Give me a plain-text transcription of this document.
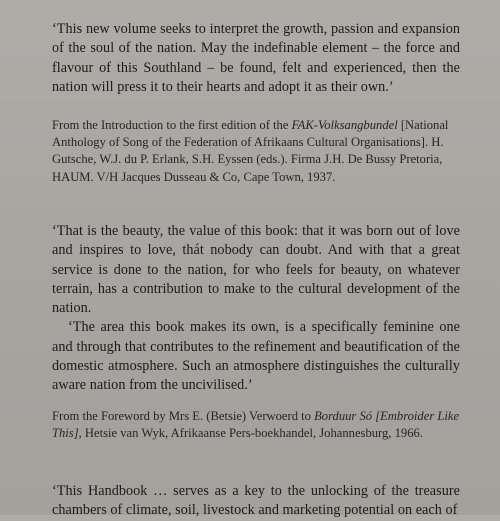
‘This new volume seeks to interpret the growth, passion and expansion of the soul of the nation. May the indefinable element – the force and flavour of this Southland – be found, felt and experienced, then the nation will press it to their hearts and adopt it as their own.’

From the Introduction to the first edition of the FAK-Volksangbundel [National Anthology of Song of the Federation of Afrikaans Cultural Organisations]. H. Gutsche, W.J. du P. Erlank, S.H. Eyssen (eds.). Firma J.H. De Bussy Pretoria, HAUM. V/H Jacques Dusseau & Co, Cape Town, 1937.

‘That is the beauty, the value of this book: that it was born out of love and inspires to love, thát nobody can doubt. And with that a great service is done to the nation, for who feels for beauty, on whatever terrain, has a contribution to make to the cultural development of the nation.

‘The area this book makes its own, is a specifically feminine one and through that contributes to the refinement and beautification of the domestic atmosphere. Such an atmosphere distinguishes the culturally aware nation from the uncivilised.’

From the Foreword by Mrs E. (Betsie) Verwoerd to Borduur Só [Embroider Like This], Hetsie van Wyk, Afrikaanse Pers-boekhandel, Johannesburg, 1966.

‘This Handbook … serves as a key to the unlocking of the treasure chambers of climate, soil, livestock and marketing potential on each of
